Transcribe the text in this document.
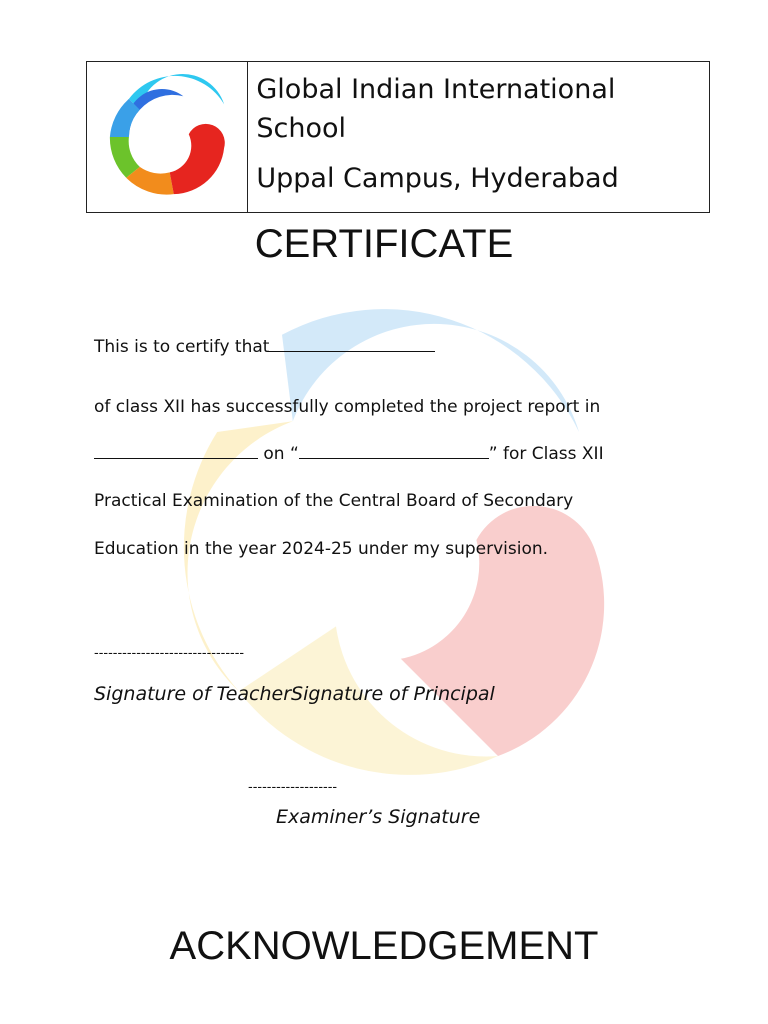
Global Indian International School
Uppal Campus, Hyderabad
CERTIFICATE

This is to certify that

of class XII has successfully completed the project report in

on “	” for Class XII

Practical Examination of the Central Board of Secondary

Education in the year 2024-25 under my supervision.

--------------------------------

Signature of TeacherSignature of Principal

-------------------

Examiner’s Signature

ACKNOWLEDGEMENT
